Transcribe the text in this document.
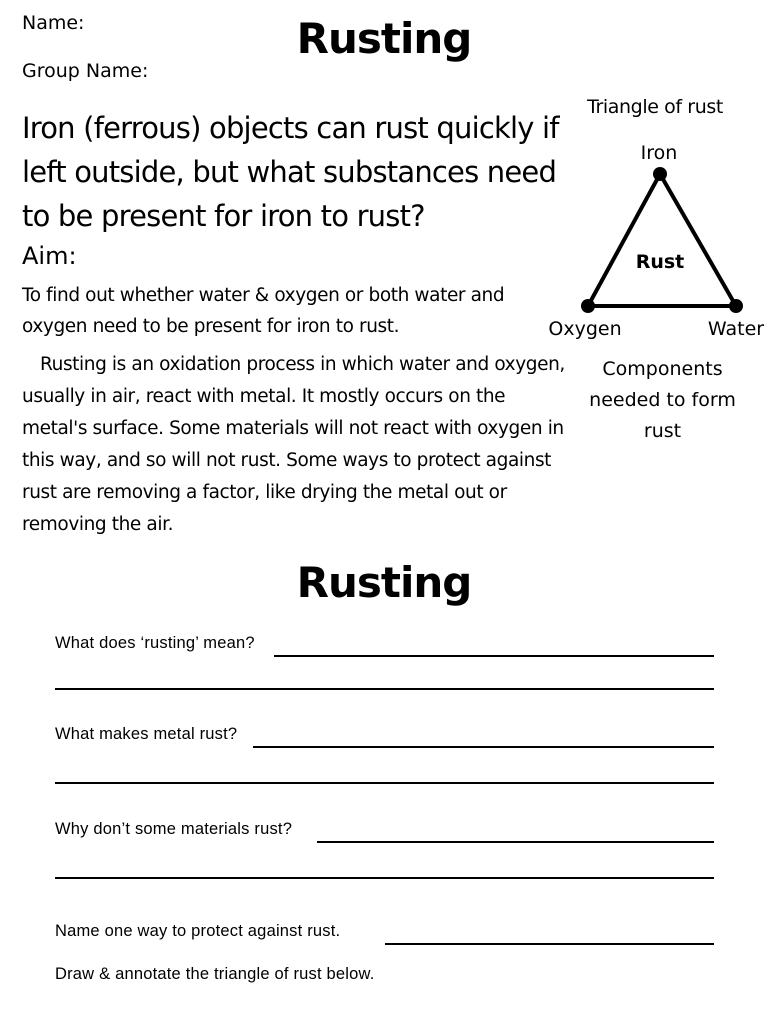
Name:
Group Name:
Rusting
Iron (ferrous) objects can rust quickly if left outside, but what substances need to be present for iron to rust?
Aim:
To find out whether water & oxygen or both water and oxygen need to be present for iron to rust.
Rusting is an oxidation process in which water and oxygen, usually in air, react with metal. It mostly occurs on the metal's surface. Some materials will not react with oxygen in this way, and so will not rust. Some ways to protect against rust are removing a factor, like drying the metal out or removing the air.
Triangle of rust
Iron
Oxygen	Water
Rust
Components needed to form rust
Rusting
What does ‘rusting’ mean?
What makes metal rust?
Why don’t some materials rust?
Name one way to protect against rust.
Draw & annotate the triangle of rust below.
